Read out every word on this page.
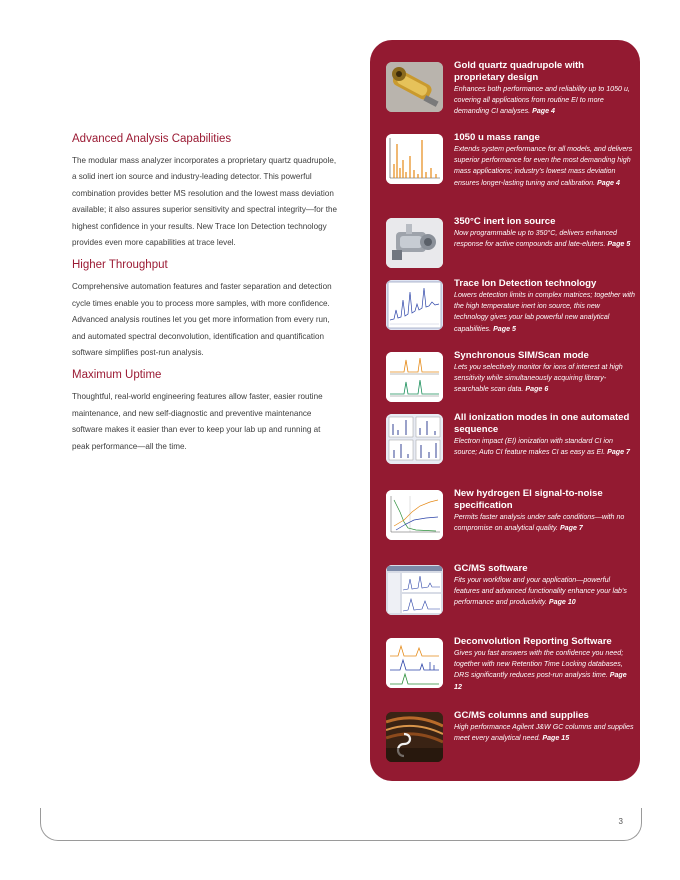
Advanced Analysis Capabilities

The modular mass analyzer incorporates a proprietary quartz quadrupole, a solid inert ion source and industry-leading detector. This powerful combination provides better MS resolution and the lowest mass deviation available; it also assures superior sensitivity and spectral integrity—for the highest confidence in your results. New Trace Ion Detection technology provides even more capabilities at trace level.

Higher Throughput

Comprehensive automation features and faster separation and detection cycle times enable you to process more samples, with more confidence. Advanced analysis routines let you get more information from every run, and automated spectral deconvolution, identification and quantification software simplifies post-run analysis.

Maximum Uptime

Thoughtful, real-world engineering features allow faster, easier routine maintenance, and new self-diagnostic and preventive maintenance software makes it easier than ever to keep your lab up and running at peak performance—all the time.

Gold quartz quadrupole with proprietary design

Enhances both performance and reliability up to 1050 u, covering all applications from routine EI to more demanding CI analyses. Page 4

1050 u mass range

Extends system performance for all models, and delivers superior performance for even the most demanding high mass applications; industry's lowest mass deviation ensures longer-lasting tuning and calibration. Page 4

350°C inert ion source

Now programmable up to 350°C, delivers enhanced response for active compounds and late-eluters. Page 5

Trace Ion Detection technology

Lowers detection limits in complex matrices; together with the high temperature inert ion source, this new technology gives your lab powerful new analytical capabilities. Page 5

Synchronous SIM/Scan mode

Lets you selectively monitor for ions of interest at high sensitivity while simultaneously acquiring library-searchable scan data. Page 6

All ionization modes in one automated sequence

Electron impact (EI) ionization with standard CI ion source; Auto CI feature makes CI as easy as EI. Page 7

New hydrogen EI signal-to-noise specification

Permits faster analysis under safe conditions—with no compromise on analytical quality. Page 7

GC/MS software

Fits your workflow and your application—powerful features and advanced functionality enhance your lab's performance and productivity. Page 10

Deconvolution Reporting Software

Gives you fast answers with the confidence you need; together with new Retention Time Locking databases, DRS significantly reduces post-run analysis time. Page 12

GC/MS columns and supplies

High performance Agilent J&W GC columns and supplies meet every analytical need. Page 15

3
